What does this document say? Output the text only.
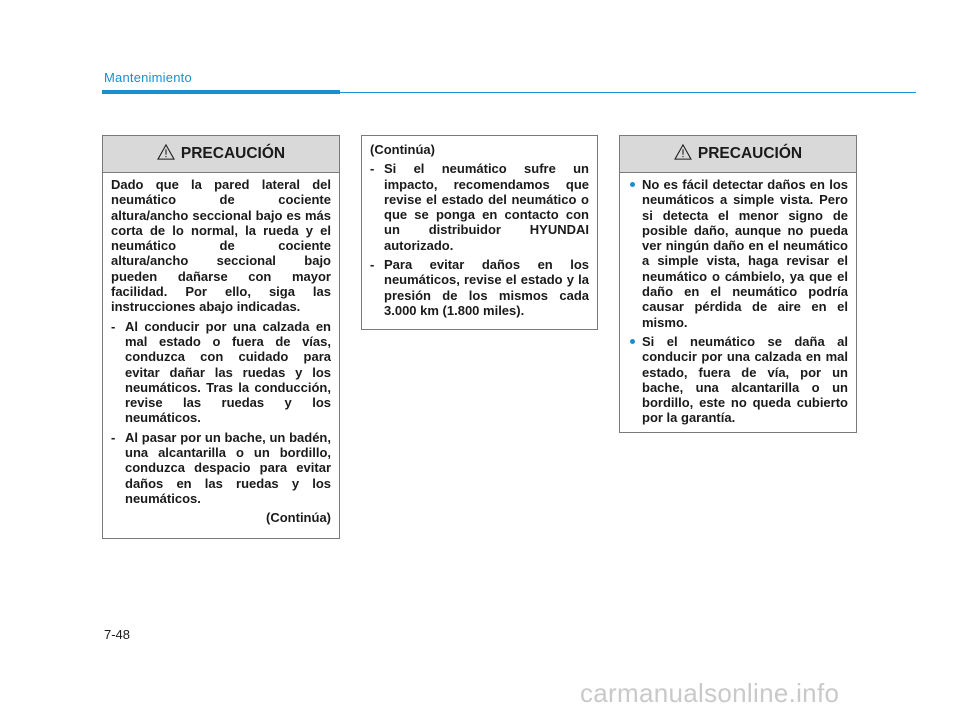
Mantenimiento
PRECAUCIÓN

Dado que la pared lateral del neumático de cociente altura/ancho seccional bajo es más corta de lo normal, la rueda y el neumático de cociente altura/ancho seccional bajo pueden dañarse con mayor facilidad. Por ello, siga las instrucciones abajo indicadas.

- Al conducir por una calzada en mal estado o fuera de vías, conduzca con cuidado para evitar dañar las ruedas y los neumáticos. Tras la conducción, revise las ruedas y los neumáticos.
- Al pasar por un bache, un badén, una alcantarilla o un bordillo, conduzca despacio para evitar daños en las ruedas y los neumáticos.
(Continúa)

(Continúa)

- Si el neumático sufre un impacto, recomendamos que revise el estado del neumático o que se ponga en contacto con un distribuidor HYUNDAI autorizado.
- Para evitar daños en los neumáticos, revise el estado y la presión de los mismos cada 3.000 km (1.800 miles).
PRECAUCIÓN
No es fácil detectar daños en los neumáticos a simple vista. Pero si detecta el menor signo de posible daño, aunque no pueda ver ningún daño en el neumático a simple vista, haga revisar el neumático o cámbielo, ya que el daño en el neumático podría causar pérdida de aire en el mismo.
Si el neumático se daña al conducir por una calzada en mal estado, fuera de vía, por un bache, una alcantarilla o un bordillo, este no queda cubierto por la garantía.
7-48
carmanualsonline.info
